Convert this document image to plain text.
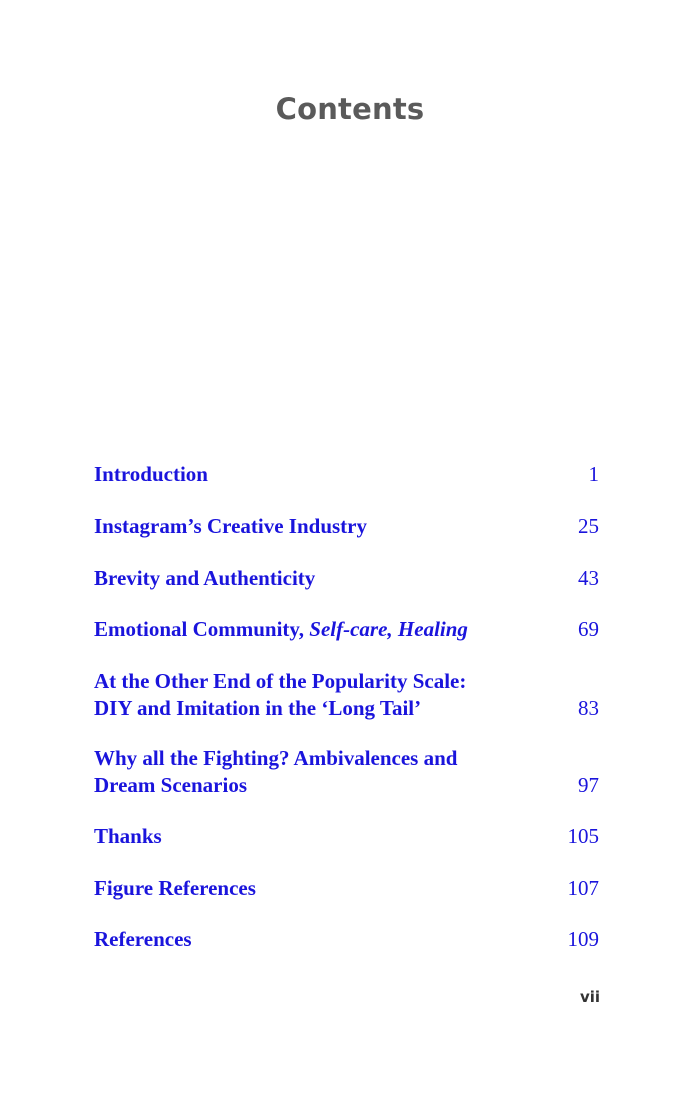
Contents
Introduction	1
Instagram’s Creative Industry	25
Brevity and Authenticity	43
Emotional Community, Self-care, Healing	69
At the Other End of the Popularity Scale:
DIY and Imitation in the ‘Long Tail’	83
Why all the Fighting? Ambivalences and
Dream Scenarios	97
Thanks	105
Figure References	107
References	109
vii
